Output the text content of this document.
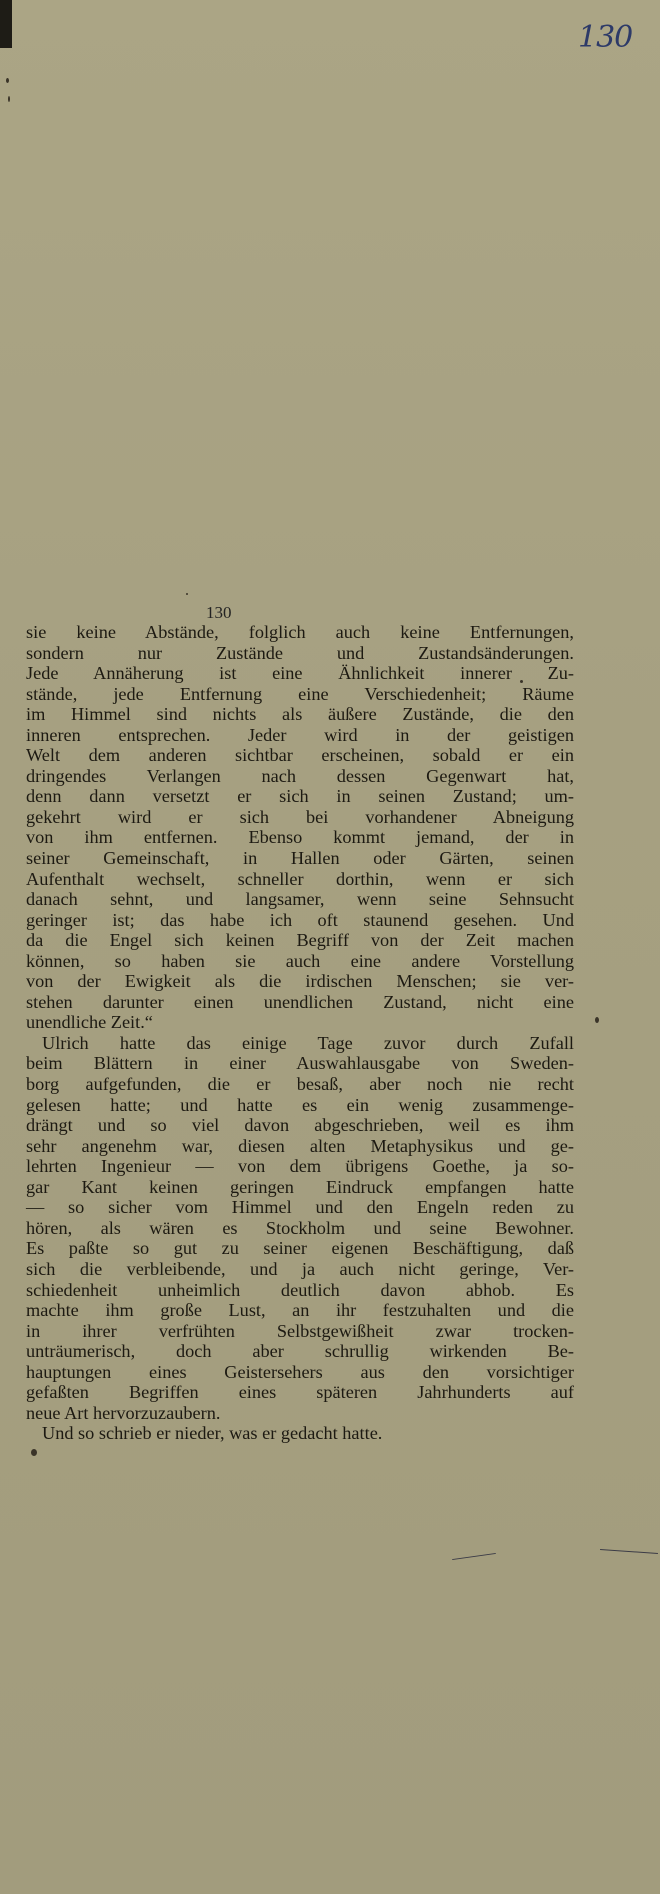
130
130

sie keine Abstände, folglich auch keine Entfernungen,
sondern nur Zustände und Zustandsänderungen.
Jede Annäherung ist eine Ähnlichkeit innerer Zu-
stände, jede Entfernung eine Verschiedenheit; Räume
im Himmel sind nichts als äußere Zustände, die den
inneren entsprechen. Jeder wird in der geistigen
Welt dem anderen sichtbar erscheinen, sobald er ein
dringendes Verlangen nach dessen Gegenwart hat,
denn dann versetzt er sich in seinen Zustand; um-
gekehrt wird er sich bei vorhandener Abneigung
von ihm entfernen. Ebenso kommt jemand, der in
seiner Gemeinschaft, in Hallen oder Gärten, seinen
Aufenthalt wechselt, schneller dorthin, wenn er sich
danach sehnt, und langsamer, wenn seine Sehnsucht
geringer ist; das habe ich oft staunend gesehen. Und
da die Engel sich keinen Begriff von der Zeit machen
können, so haben sie auch eine andere Vorstellung
von der Ewigkeit als die irdischen Menschen; sie ver-
stehen darunter einen unendlichen Zustand, nicht eine
unendliche Zeit.“

Ulrich hatte das einige Tage zuvor durch Zufall
beim Blättern in einer Auswahlausgabe von Sweden-
borg aufgefunden, die er besaß, aber noch nie recht
gelesen hatte; und hatte es ein wenig zusammenge-
drängt und so viel davon abgeschrieben, weil es ihm
sehr angenehm war, diesen alten Metaphysikus und ge-
lehrten Ingenieur — von dem übrigens Goethe, ja so-
gar Kant keinen geringen Eindruck empfangen hatte
— so sicher vom Himmel und den Engeln reden zu
hören, als wären es Stockholm und seine Bewohner.
Es paßte so gut zu seiner eigenen Beschäftigung, daß
sich die verbleibende, und ja auch nicht geringe, Ver-
schiedenheit unheimlich deutlich davon abhob. Es
machte ihm große Lust, an ihr festzuhalten und die
in ihrer verfrühten Selbstgewißheit zwar trocken-
unträumerisch, doch aber schrullig wirkenden Be-
hauptungen eines Geistersehers aus den vorsichtiger
gefaßten Begriffen eines späteren Jahrhunderts auf
neue Art hervorzuzaubern.

Und so schrieb er nieder, was er gedacht hatte.
